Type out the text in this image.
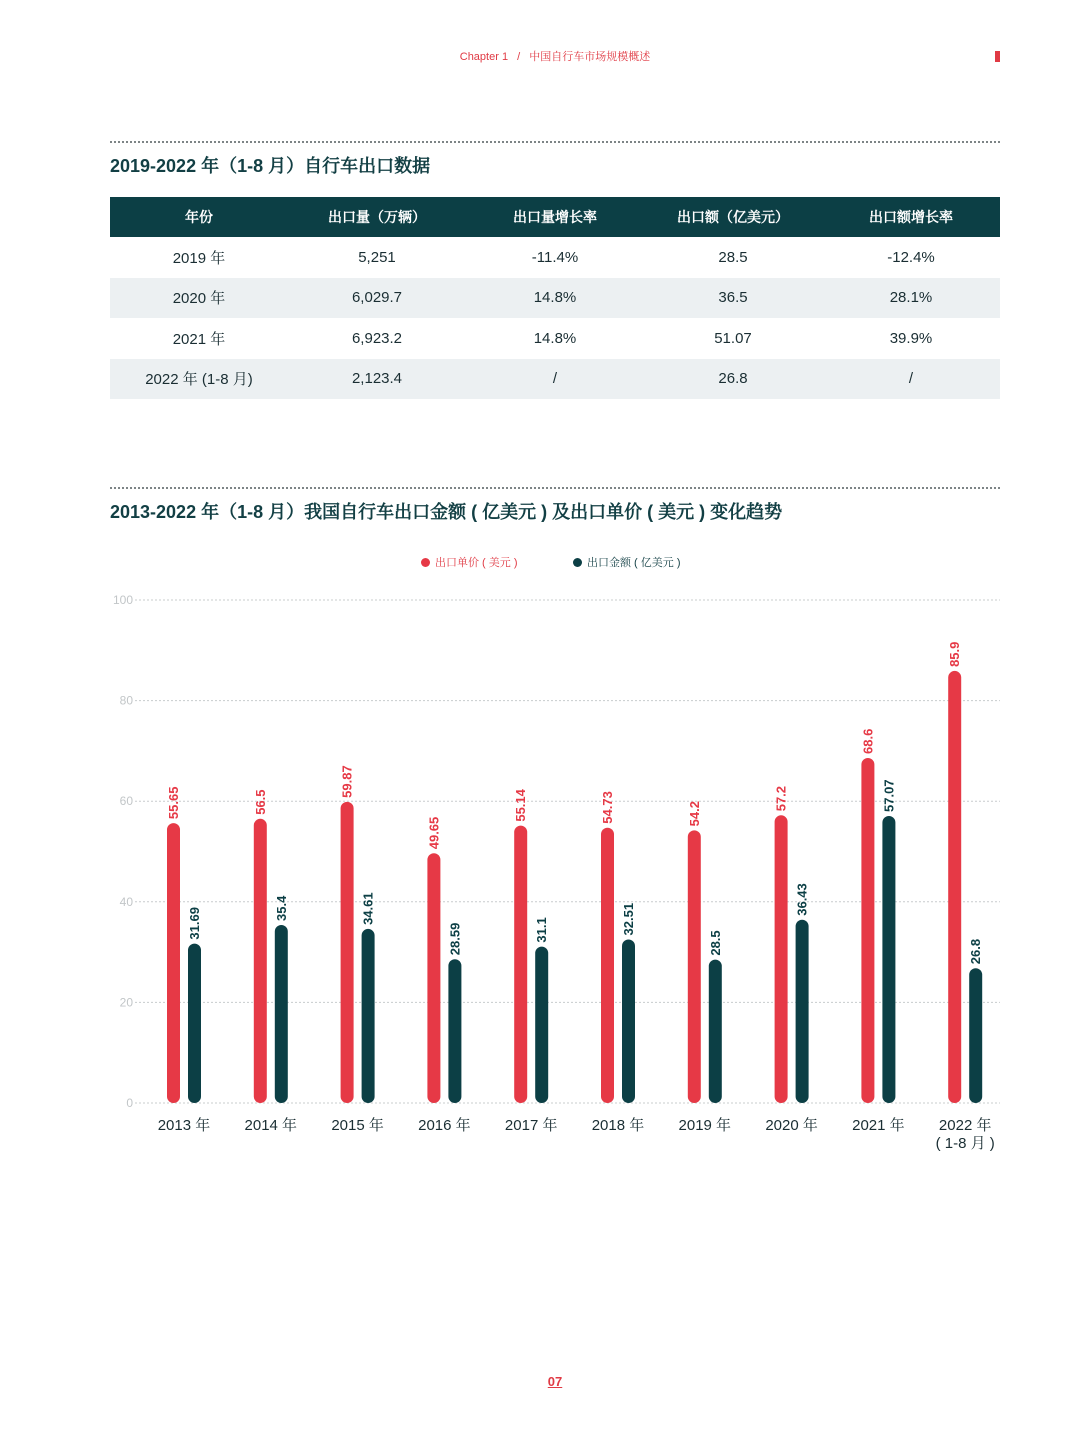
Chapter 1 / 中国自行车市场规模概述
2019-2022 年（1-8 月）自行车出口数据
年份	出口量（万辆）	出口量增长率	出口额（亿美元）	出口额增长率
2019 年	5,251	-11.4%	28.5	-12.4%
2020 年	6,029.7	14.8%	36.5	28.1%
2021 年	6,923.2	14.8%	51.07	39.9%
2022 年 (1-8 月)	2,123.4	/	26.8	/
2013-2022 年（1-8 月）我国自行车出口金额 ( 亿美元 ) 及出口单价 ( 美元 ) 变化趋势
出口单价 ( 美元 )	出口金额 ( 亿美元 )
0
20
40
60
80
100
55.65	56.5
59.87
49.65
55.14	54.73	54.2
57.2
68.6
85.9
31.69	35.4	34.61
28.59	31.1	32.51
28.5
36.43
57.07
26.8
2013 年 2014 年 2015 年 2016 年 2017 年 2018 年 2019 年 2020 年 2021 年 2022 年
( 1-8 月 )
07
